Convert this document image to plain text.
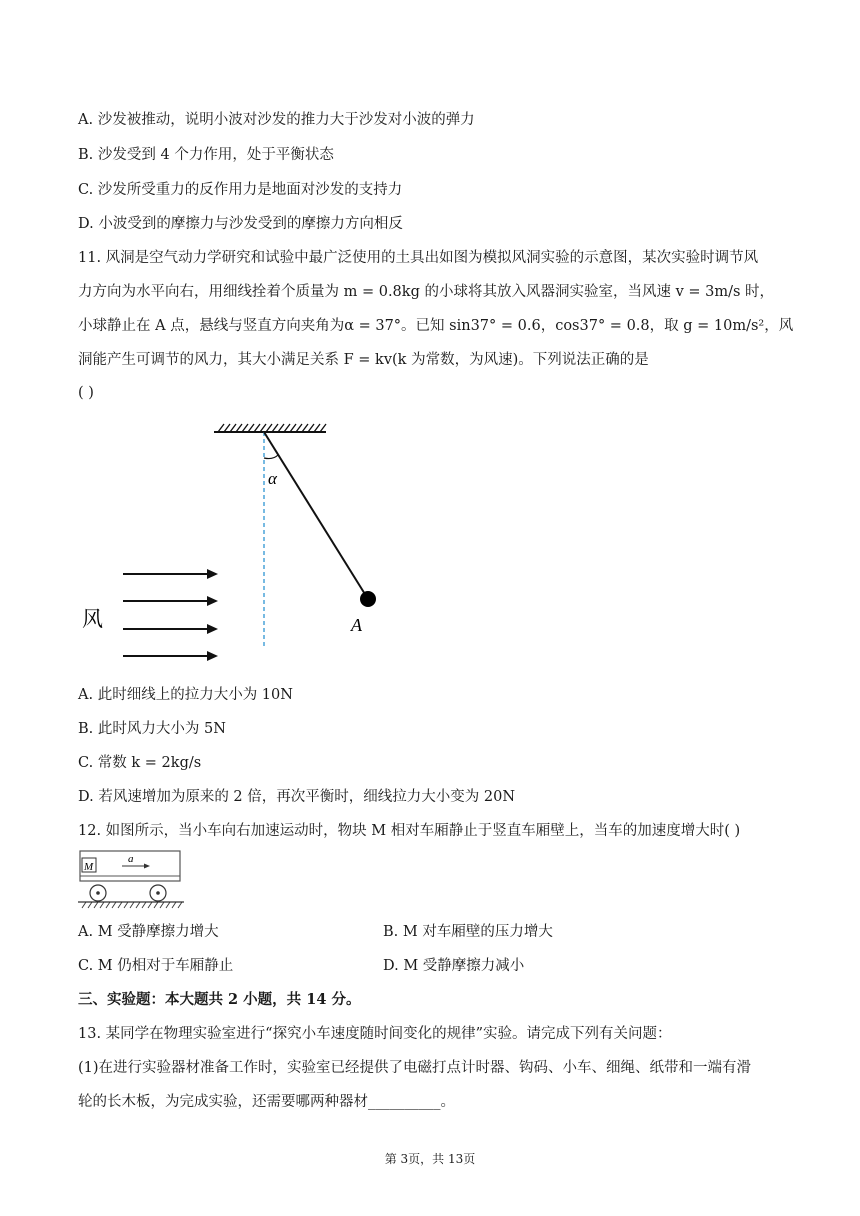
A. 沙发被推动，说明小波对沙发的推力大于沙发对小波的弹力
B. 沙发受到 4 个力作用，处于平衡状态
C. 沙发所受重力的反作用力是地面对沙发的支持力
D. 小波受到的摩擦力与沙发受到的摩擦力方向相反
11. 风洞是空气动力学研究和试验中最广泛使用的土具出如图为模拟风洞实验的示意图，某次实验时调节风
力方向为水平向右，用细线拴着个质量为 m = 0.8kg 的小球将其放入风器洞实验室，当风速 v = 3m/s 时，
小球静止在 A 点，悬线与竖直方向夹角为α = 37°。已知 sin37° = 0.6，cos37° = 0.8，取 g = 10m/s²，风
洞能产生可调节的风力，其大小满足关系 F = kv(k 为常数，为风速)。下列说法正确的是
( )
α
A
风
A. 此时细线上的拉力大小为 10N
B. 此时风力大小为 5N
C. 常数 k = 2kg/s
D. 若风速增加为原来的 2 倍，再次平衡时，细线拉力大小变为 20N
12. 如图所示，当小车向右加速运动时，物块 M 相对车厢静止于竖直车厢壁上，当车的加速度增大时( )
M
a
A. M 受静摩擦力增大	B. M 对车厢壁的压力增大
C. M 仍相对于车厢静止	D. M 受静摩擦力减小
三、实验题：本大题共 2 小题，共 14 分。
13. 某同学在物理实验室进行“探究小车速度随时间变化的规律”实验。请完成下列有关问题：
(1)在进行实验器材准备工作时，实验室已经提供了电磁打点计时器、钩码、小车、细绳、纸带和一端有滑
轮的长木板，为完成实验，还需要哪两种器材__________。
第 3页，共 13页
